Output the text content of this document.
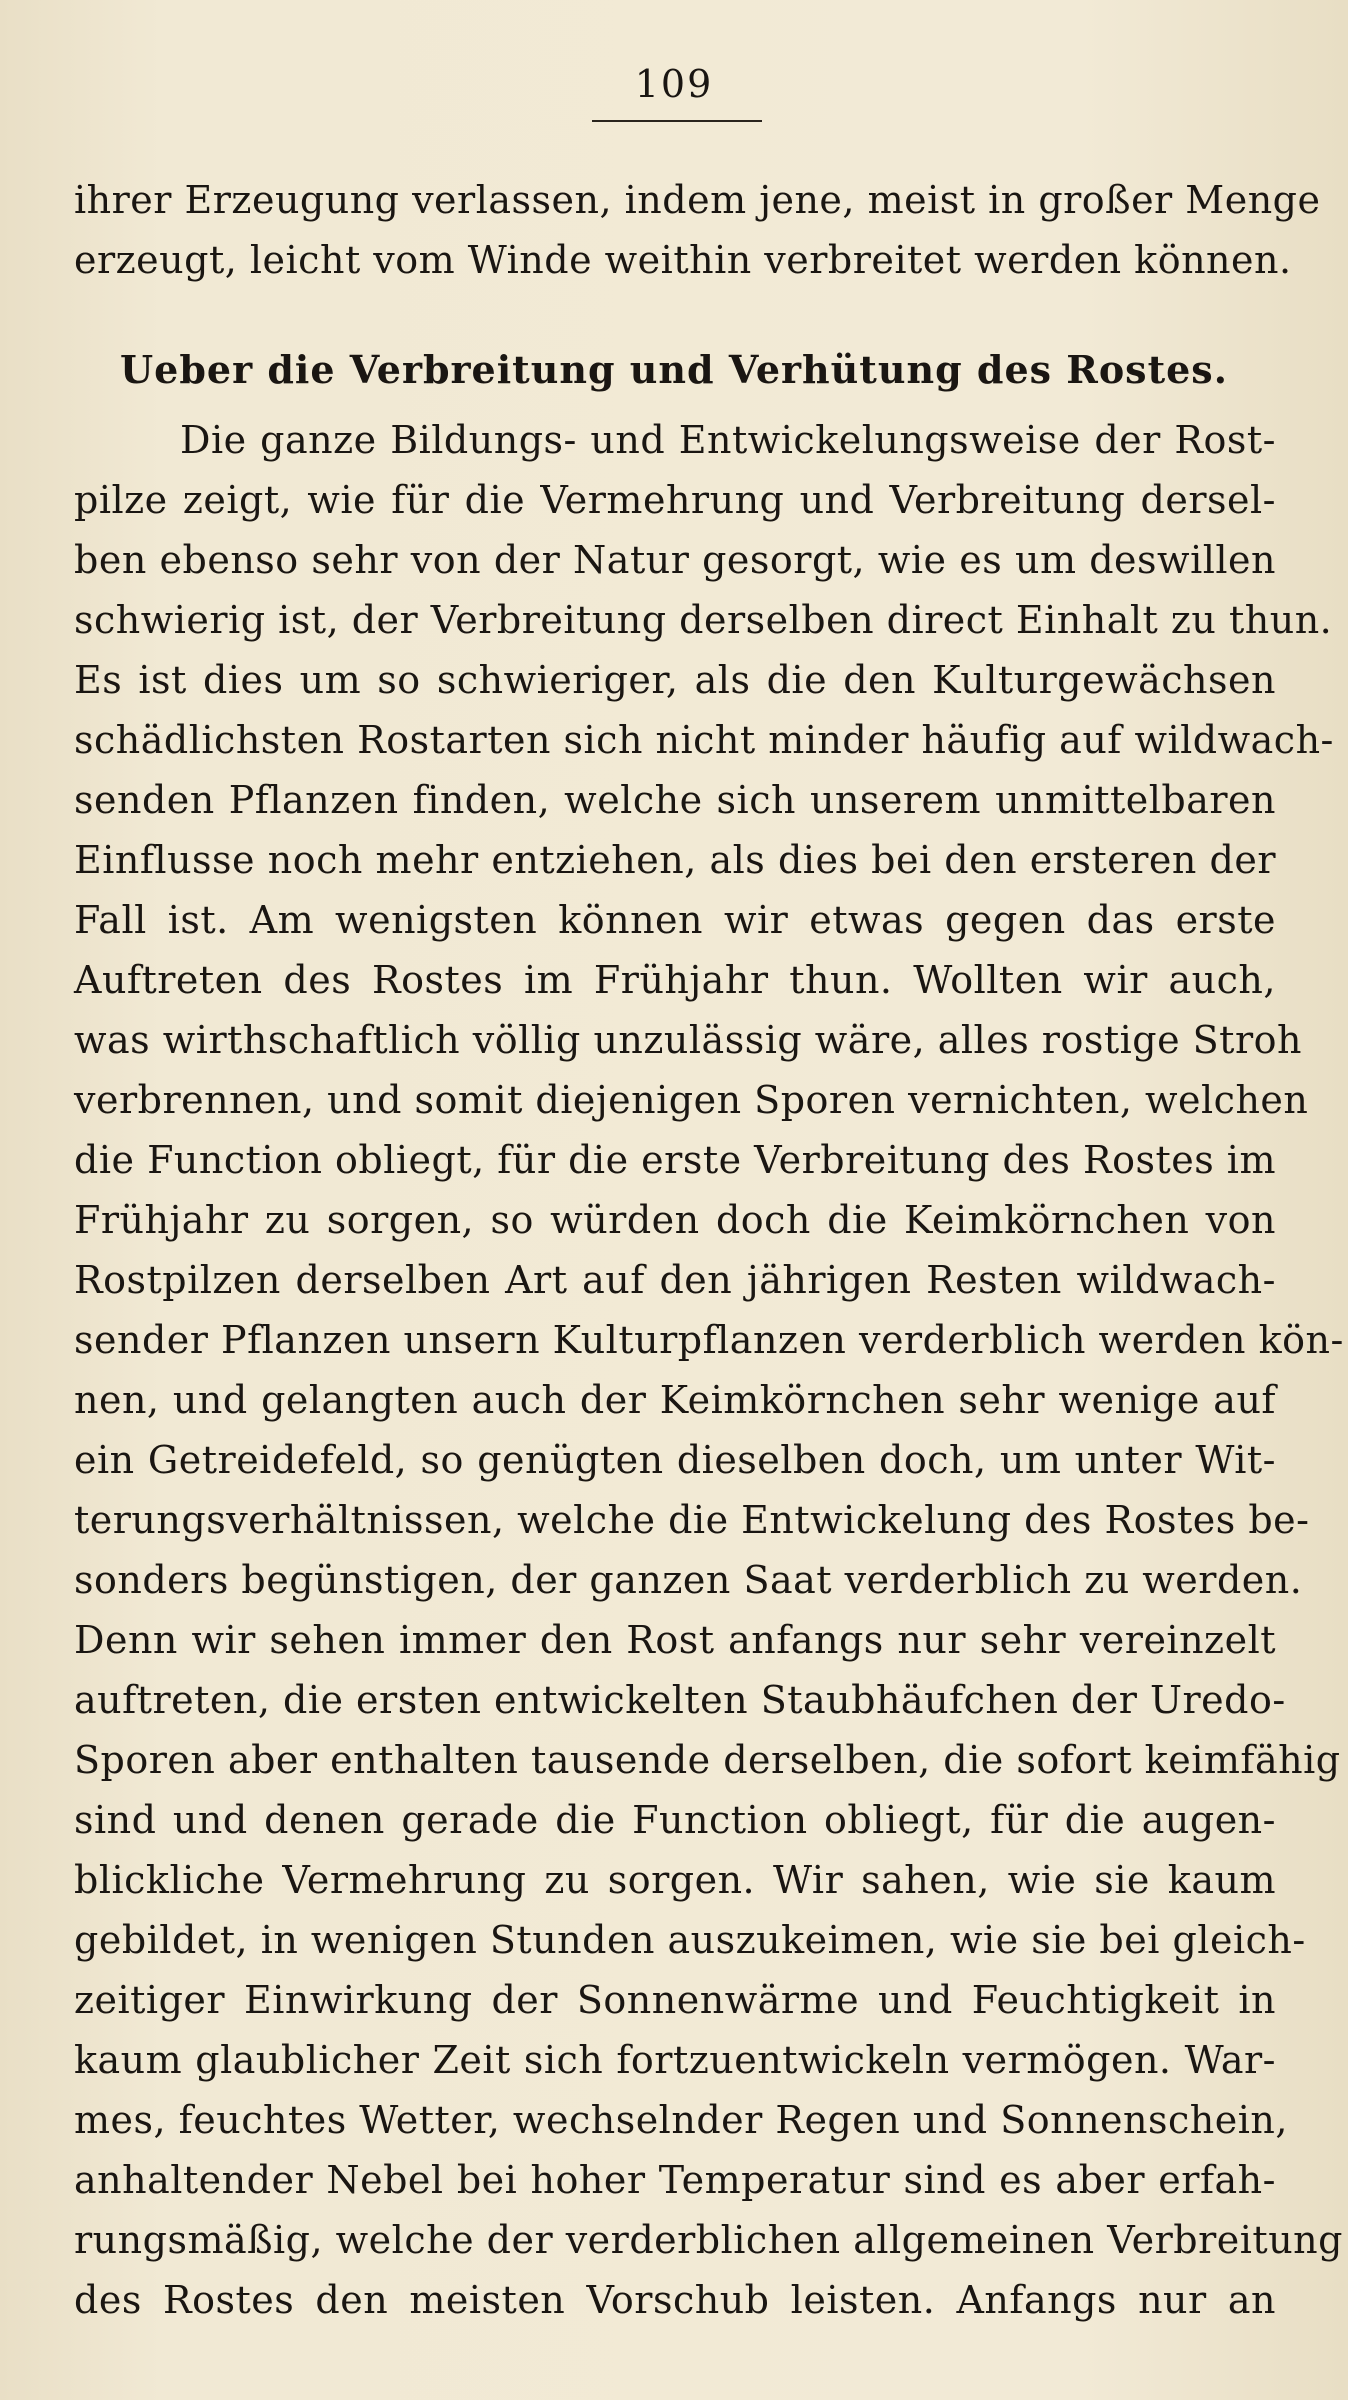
109
ihrer Erzeugung verlassen, indem jene, meist in großer Menge
erzeugt, leicht vom Winde weithin verbreitet werden können.
Ueber die Verbreitung und Verhütung des Rostes.
Die ganze Bildungs- und Entwickelungsweise der Rost-
pilze zeigt, wie für die Vermehrung und Verbreitung dersel-
ben ebenso sehr von der Natur gesorgt, wie es um deswillen
schwierig ist, der Verbreitung derselben direct Einhalt zu thun.
Es ist dies um so schwieriger, als die den Kulturgewächsen
schädlichsten Rostarten sich nicht minder häufig auf wildwach-
senden Pflanzen finden, welche sich unserem unmittelbaren
Einflusse noch mehr entziehen, als dies bei den ersteren der
Fall ist. Am wenigsten können wir etwas gegen das erste
Auftreten des Rostes im Frühjahr thun. Wollten wir auch,
was wirthschaftlich völlig unzulässig wäre, alles rostige Stroh
verbrennen, und somit diejenigen Sporen vernichten, welchen
die Function obliegt, für die erste Verbreitung des Rostes im
Frühjahr zu sorgen, so würden doch die Keimkörnchen von
Rostpilzen derselben Art auf den jährigen Resten wildwach-
sender Pflanzen unsern Kulturpflanzen verderblich werden kön-
nen, und gelangten auch der Keimkörnchen sehr wenige auf
ein Getreidefeld, so genügten dieselben doch, um unter Wit-
terungsverhältnissen, welche die Entwickelung des Rostes be-
sonders begünstigen, der ganzen Saat verderblich zu werden.
Denn wir sehen immer den Rost anfangs nur sehr vereinzelt
auftreten, die ersten entwickelten Staubhäufchen der Uredo-
Sporen aber enthalten tausende derselben, die sofort keimfähig
sind und denen gerade die Function obliegt, für die augen-
blickliche Vermehrung zu sorgen. Wir sahen, wie sie kaum
gebildet, in wenigen Stunden auszukeimen, wie sie bei gleich-
zeitiger Einwirkung der Sonnenwärme und Feuchtigkeit in
kaum glaublicher Zeit sich fortzuentwickeln vermögen. War-
mes, feuchtes Wetter, wechselnder Regen und Sonnenschein,
anhaltender Nebel bei hoher Temperatur sind es aber erfah-
rungsmäßig, welche der verderblichen allgemeinen Verbreitung
des Rostes den meisten Vorschub leisten. Anfangs nur an
